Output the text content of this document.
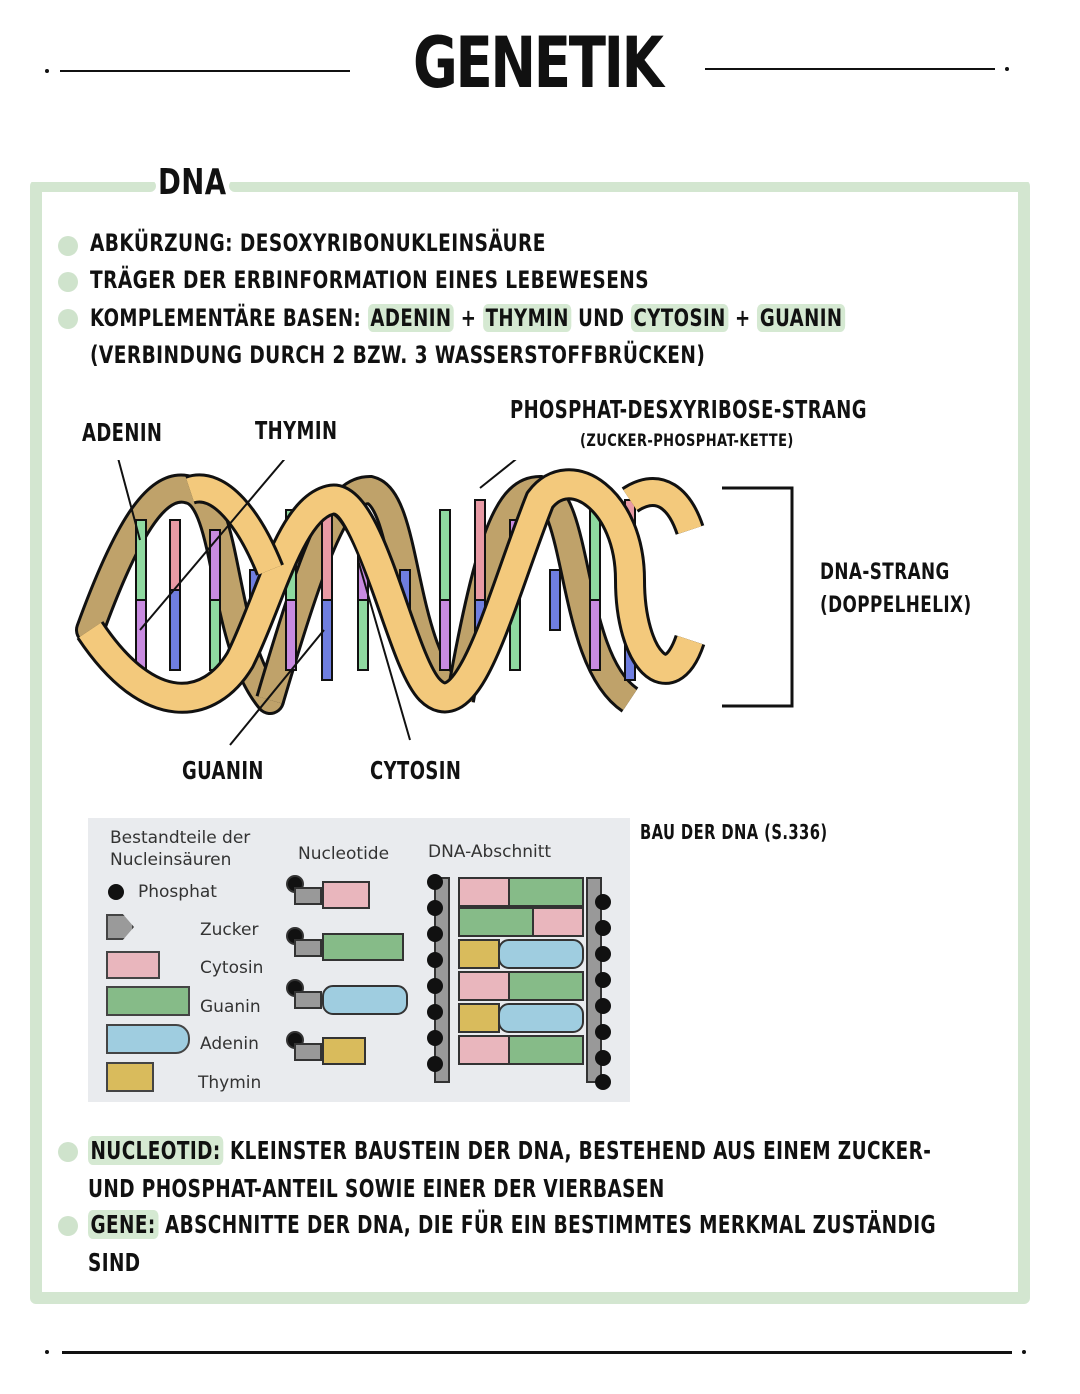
GENETIK
DNA
ABKÜRZUNG: DESOXYRIBONUKLEINSÄURE
TRÄGER DER ERBINFORMATION EINES LEBEWESENS
KOMPLEMENTÄRE BASEN: ADENIN + THYMIN UND CYTOSIN + GUANIN
(VERBINDUNG DURCH 2 BZW. 3 WASSERSTOFFBRÜCKEN)
ADENIN	THYMIN
PHOSPHAT-DESXYRIBOSE-STRANG
(ZUCKER-PHOSPHAT-KETTE)
DNA-STRANG
(DOPPELHELIX)
GUANIN	CYTOSIN
Bestandteile der
Nucleinsäuren	Nucleotide DNA-Abschnitt
Phosphat
Zucker
Cytosin
Guanin
Adenin
Thymin
BAU DER DNA (S.336)
NUCLEOTID: KLEINSTER BAUSTEIN DER DNA, BESTEHEND AUS EINEM ZUCKER-
UND PHOSPHAT-ANTEIL SOWIE EINER DER VIERBASEN
GENE: ABSCHNITTE DER DNA, DIE FÜR EIN BESTIMMTES MERKMAL ZUSTÄNDIG
SIND
